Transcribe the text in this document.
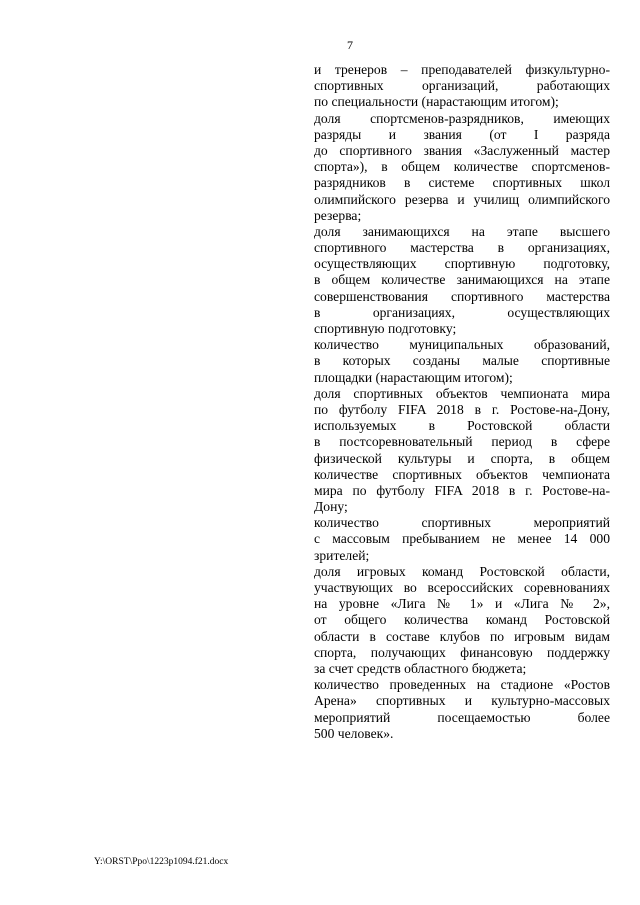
7
и тренеров – преподавателей физкультурно-
спортивных организаций, работающих
по специальности (нарастающим итогом);
доля спортсменов-разрядников, имеющих
разряды и звания (от I разряда
до спортивного звания «Заслуженный мастер
спорта»), в общем количестве спортсменов-
разрядников в системе спортивных школ
олимпийского резерва и училищ олимпийского
резерва;
доля занимающихся на этапе высшего
спортивного мастерства в организациях,
осуществляющих спортивную подготовку,
в общем количестве занимающихся на этапе
совершенствования спортивного мастерства
в организациях, осуществляющих
спортивную подготовку;
количество муниципальных образований,
в которых созданы малые спортивные
площадки (нарастающим итогом);
доля спортивных объектов чемпионата мира
по футболу FIFA 2018 в г. Ростове-на-Дону,
используемых в Ростовской области
в постсоревновательный период в сфере
физической культуры и спорта, в общем
количестве спортивных объектов чемпионата
мира по футболу FIFA 2018 в г. Ростове-на-
Дону;
количество спортивных мероприятий
с массовым пребыванием не менее 14 000
зрителей;
доля игровых команд Ростовской области,
участвующих во всероссийских соревнованиях
на уровне «Лига № 1» и «Лига № 2»,
от общего количества команд Ростовской
области в составе клубов по игровым видам
спорта, получающих финансовую поддержку
за счет средств областного бюджета;
количество проведенных на стадионе «Ростов
Арена» спортивных и культурно-массовых
мероприятий посещаемостью более
500 человек».
Y:\ORST\Ppo\1223p1094.f21.docx
